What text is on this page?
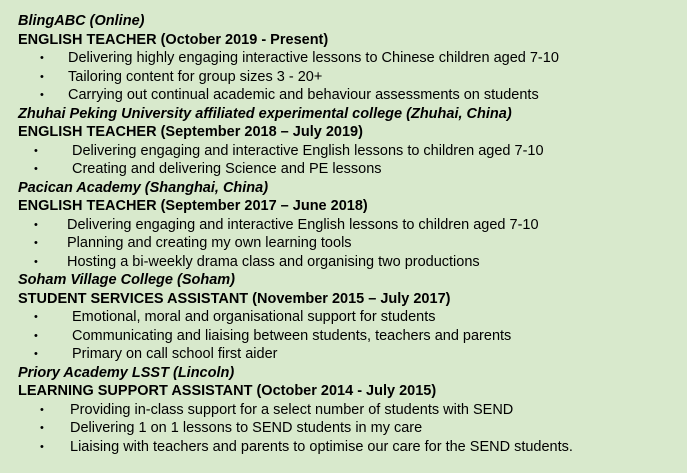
BlingABC (Online)
ENGLISH TEACHER (October 2019 - Present)
• Delivering highly engaging interactive lessons to Chinese children aged 7-10
• Tailoring content for group sizes 3 - 20+
• Carrying out continual academic and behaviour assessments on students
Zhuhai Peking University affiliated experimental college (Zhuhai, China)
ENGLISH TEACHER (September 2018 – July 2019)
• Delivering engaging and interactive English lessons to children aged 7-10
• Creating and delivering Science and PE lessons
Pacican Academy (Shanghai, China)
ENGLISH TEACHER (September 2017 – June 2018)
• Delivering engaging and interactive English lessons to children aged 7-10
• Planning and creating my own learning tools
• Hosting a bi-weekly drama class and organising two productions
Soham Village College (Soham)
STUDENT SERVICES ASSISTANT (November 2015 – July 2017)
• Emotional, moral and organisational support for students
• Communicating and liaising between students, teachers and parents
• Primary on call school first aider
Priory Academy LSST (Lincoln)
LEARNING SUPPORT ASSISTANT (October 2014 - July 2015)
• Providing in-class support for a select number of students with SEND
• Delivering 1 on 1 lessons to SEND students in my care
• Liaising with teachers and parents to optimise our care for the SEND students.
